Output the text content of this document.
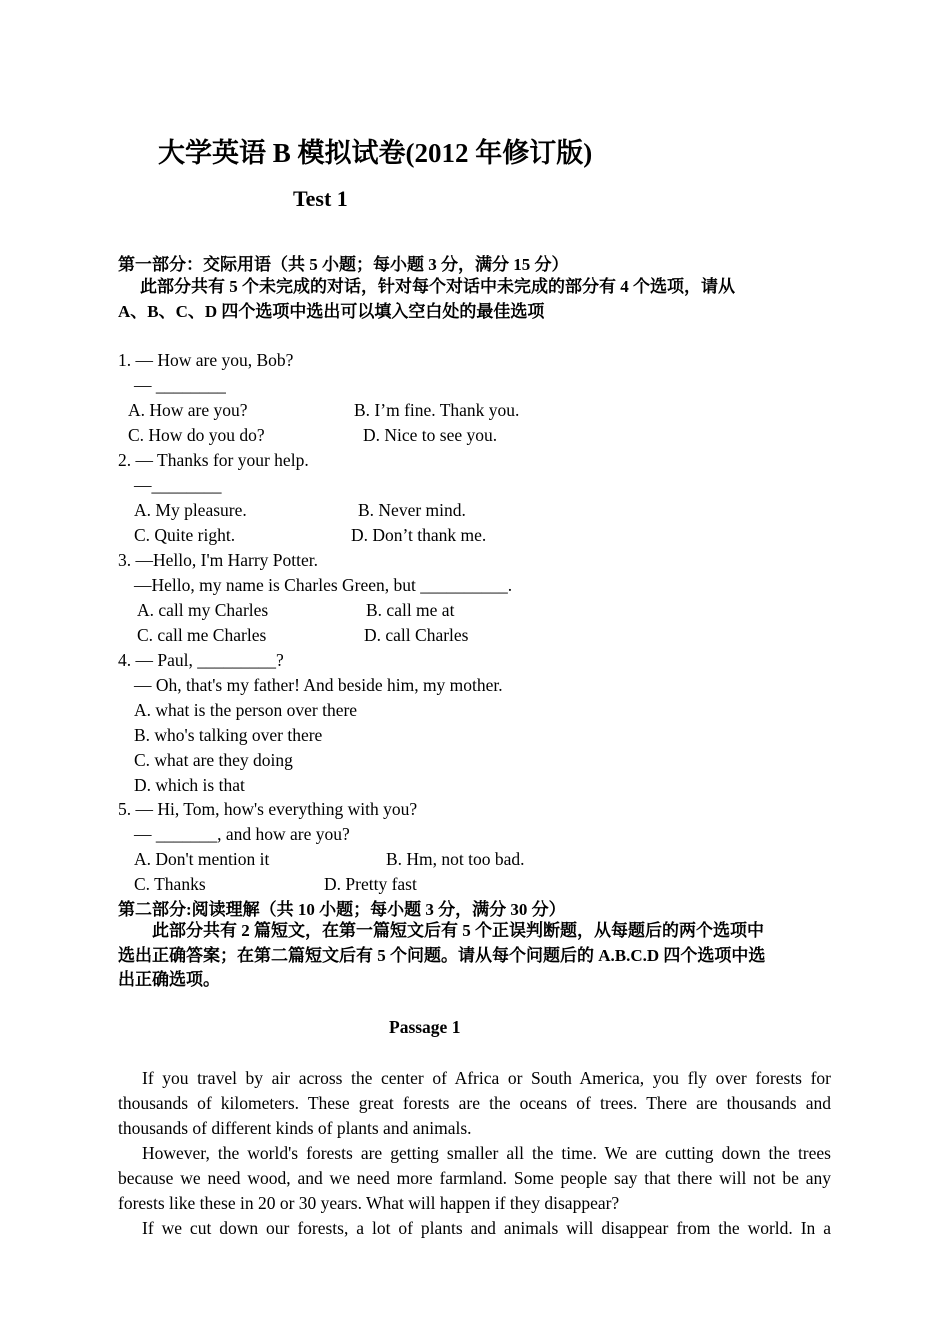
大学英语 B 模拟试卷(2012 年修订版)
Test 1
第一部分：交际用语（共 5 小题；每小题 3 分，满分 15 分）
此部分共有 5 个未完成的对话，针对每个对话中未完成的部分有 4 个选项，请从
A、B、C、D 四个选项中选出可以填入空白处的最佳选项
1. — How are you, Bob?
— ________
A. How are you?	B. I’m fine. Thank you.
C. How do you do?	D. Nice to see you.
2. — Thanks for your help.
—________
A. My pleasure.	B. Never mind.
C. Quite right.	D. Don’t thank me.
3. —Hello, I'm Harry Potter.
—Hello, my name is Charles Green, but __________.
A. call my Charles	B. call me at
C. call me Charles	D. call Charles
4. — Paul, _________?
— Oh, that's my father! And beside him, my mother.
A. what is the person over there
B. who's talking over there
C. what are they doing
D. which is that
5. — Hi, Tom, how's everything with you?
— _______, and how are you?
A. Don't mention it	B. Hm, not too bad.
C. Thanks	D. Pretty fast
第二部分:阅读理解（共 10 小题；每小题 3 分，满分 30 分）
此部分共有 2 篇短文，在第一篇短文后有 5 个正误判断题，从每题后的两个选项中
选出正确答案；在第二篇短文后有 5 个问题。请从每个问题后的 A.B.C.D 四个选项中选
出正确选项。
Passage 1

If you travel by air across the center of Africa or South America, you fly over forests for thousands of kilometers. These great forests are the oceans of trees. There are thousands and thousands of different kinds of plants and animals.

However, the world's forests are getting smaller all the time. We are cutting down the trees because we need wood, and we need more farmland. Some people say that there will not be any forests like these in 20 or 30 years. What will happen if they disappear?

If we cut down our forests, a lot of plants and animals will disappear from the world. In a
